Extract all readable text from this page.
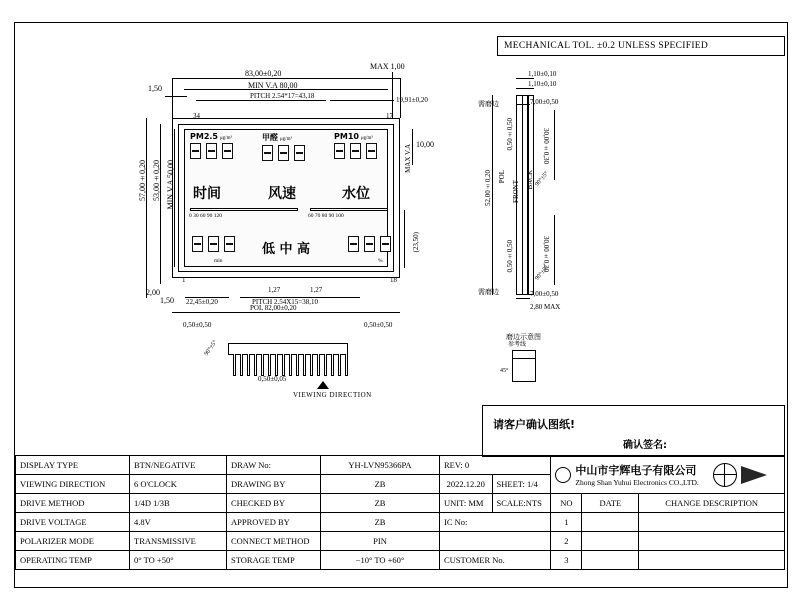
MECHANICAL TOL. ±0.2 UNLESS SPECIFIED
PM2.5 μg/m³
	甲醛 μg/m³
	PM10 μg/m³

时间	风速	水位
0 30 60 90 120	60 70 80 90 100

min
低 中 高

%
83,00±0,20
MIN V.A 80,00
PITCH 2.54*17=43,18	19,91±0,20
MAX 1,00
1,50
34	17
57,00±0,20 53,00±0,20 MIN V.A 50,00
2,00
1,50
10,00
MAX V.A
(23,50)
1	18
22,45±0,20	PITCH 2.54X15=38,10
1,27	1,27
POL 82,00±0,20
0,50±0,50	0,50±0,50
90°±5°
0,50±0,05
VIEWING DIRECTION
1,10±0,10
1,10±0,10
7,00±0,50
7,00±0,50
2,80 MAX
0,50±0,50
POL
0,50±0,50
FRONT
BACK
52,00±0,20
30,00±0,30
30,00±0,30
90°±5°
90°±5°
需磨边
需磨边
磨边示意图
参考线
45°
请客户确认图纸!
确认签名:
DISPLAY TYPE	BTN/NEGATIVE	DRAW No:	YH-LVN95366PA	REV: 0		中山市宇辉电子有限公司
Zhong Shan Yuhui Electronics CO.,LTD.		

VIEWING DIRECTION	6 O'CLOCK	DRAWING BY	ZB	2022.12.20	SHEET: 1/4			
DRIVE METHOD	1/4D 1/3B	CHECKED BY	ZB	UNIT: MM	SCALE:NTS	NO	DATE	CHANGE DESCRIPTION
DRIVE VOLTAGE	4.8V	APPROVED BY	ZB	IC No:		1		
POLARIZER MODE	TRANSMISSIVE	CONNECT METHOD	PIN			2		
OPERATING TEMP	0° TO +50°	STORAGE TEMP	−10° TO +60°	CUSTOMER No.		3		
